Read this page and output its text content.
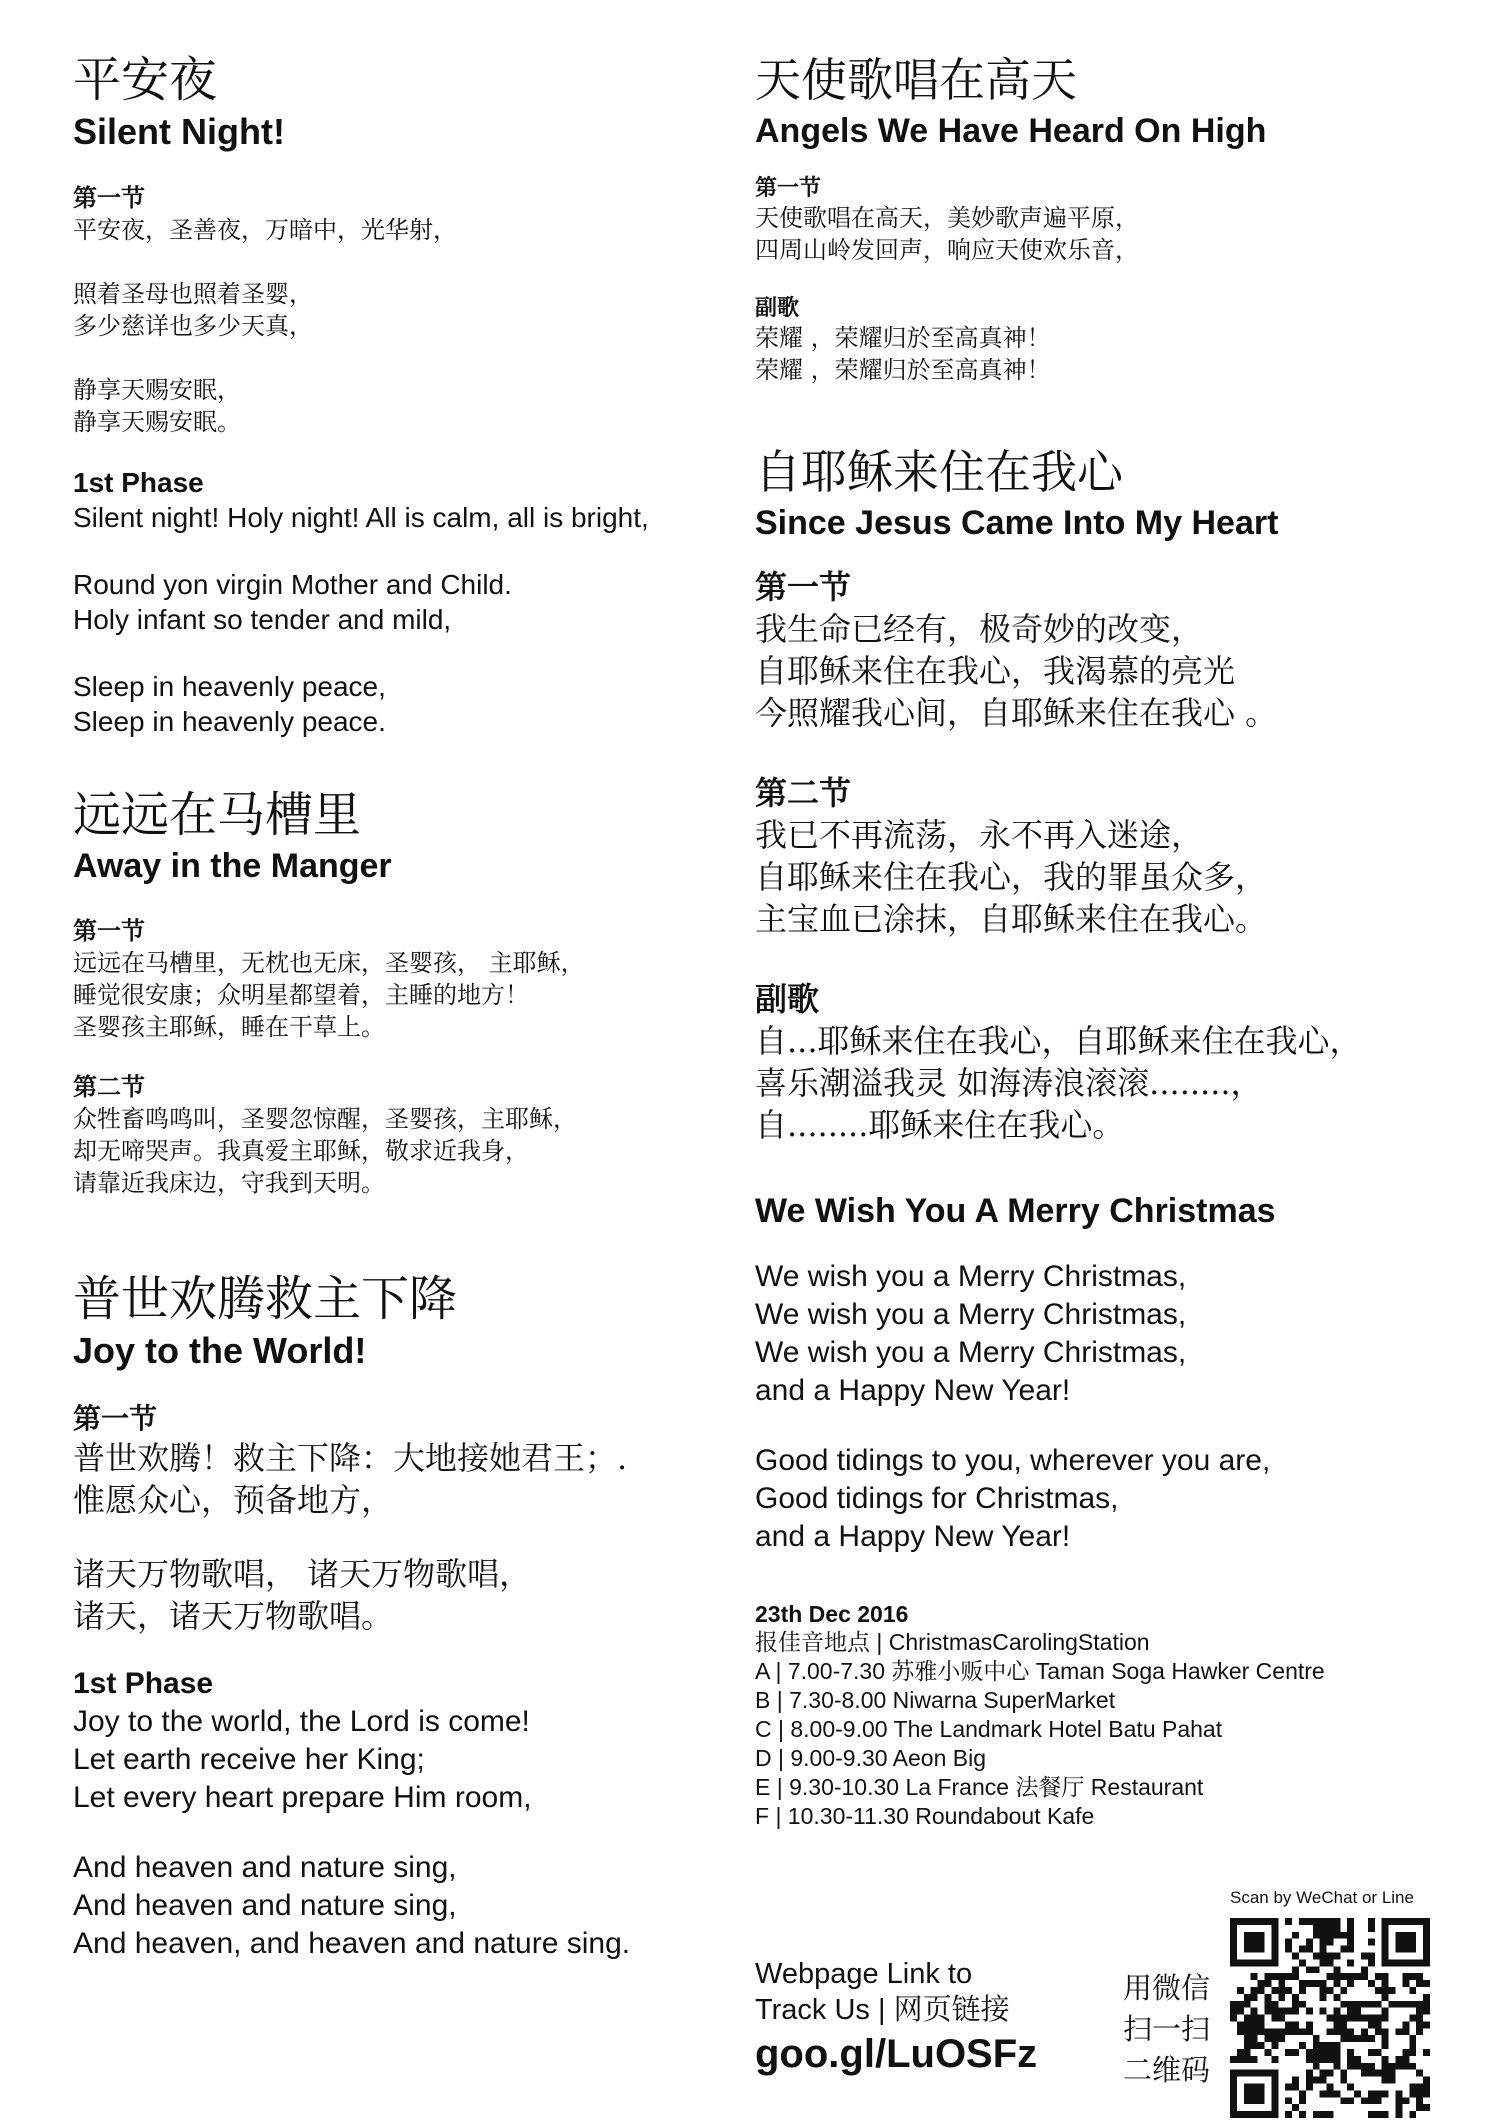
平安夜
Silent Night!
第一节
平安夜，圣善夜，万暗中，光华射，
照着圣母也照着圣婴，
多少慈详也多少天真，
静享天赐安眠，
静享天赐安眠。
1st Phase
Silent night! Holy night! All is calm, all is bright,
Round yon virgin Mother and Child.
Holy infant so tender and mild,
Sleep in heavenly peace,
Sleep in heavenly peace.
远远在马槽里
Away in the Manger
第一节
远远在马槽里，无枕也无床，圣婴孩， 主耶稣，
睡觉很安康；众明星都望着，主睡的地方！
圣婴孩主耶稣，睡在干草上。
第二节
众牲畜鸣鸣叫，圣婴忽惊醒，圣婴孩，主耶稣，
却无啼哭声。我真爱主耶稣，敬求近我身，
请靠近我床边，守我到天明。
普世欢腾救主下降
Joy to the World!
第一节
普世欢腾！救主下降：大地接她君王；.
惟愿众心，预备地方，
诸天万物歌唱， 诸天万物歌唱，
诸天，诸天万物歌唱。
1st Phase
Joy to the world, the Lord is come!
Let earth receive her King;
Let every heart prepare Him room,
And heaven and nature sing,
And heaven and nature sing,
And heaven, and heaven and nature sing.
天使歌唱在高天
Angels We Have Heard On High
第一节
天使歌唱在高天，美妙歌声遍平原，
四周山岭发回声，响应天使欢乐音，
副歌
荣耀 ，荣耀归於至高真神！
荣耀 ，荣耀归於至高真神！
自耶稣来住在我心
Since Jesus Came Into My Heart
第一节
我生命已经有，极奇妙的改变，
自耶稣来住在我心，我渴慕的亮光
今照耀我心间，自耶稣来住在我心 。
第二节
我已不再流荡，永不再入迷途，
自耶稣来住在我心，我的罪虽众多，
主宝血已涂抹，自耶稣来住在我心。
副歌
自...耶稣来住在我心，自耶稣来住在我心，
喜乐潮溢我灵 如海涛浪滚滚........，
自........耶稣来住在我心。
We Wish You A Merry Christmas
We wish you a Merry Christmas,
We wish you a Merry Christmas,
We wish you a Merry Christmas,
and a Happy New Year!
Good tidings to you, wherever you are,
Good tidings for Christmas,
and a Happy New Year!
23th Dec 2016
报佳音地点 | ChristmasCarolingStation
A | 7.00-7.30 苏雅小贩中心 Taman Soga Hawker Centre
B | 7.30-8.00 Niwarna SuperMarket
C | 8.00-9.00 The Landmark Hotel Batu Pahat
D | 9.00-9.30 Aeon Big
E | 9.30-10.30 La France 法餐厅 Restaurant
F | 10.30-11.30 Roundabout Kafe
Scan by WeChat or Line
Webpage Link to
Track Us | 网页链接
goo.gl/LuOSFz
用微信
扫一扫
二维码
